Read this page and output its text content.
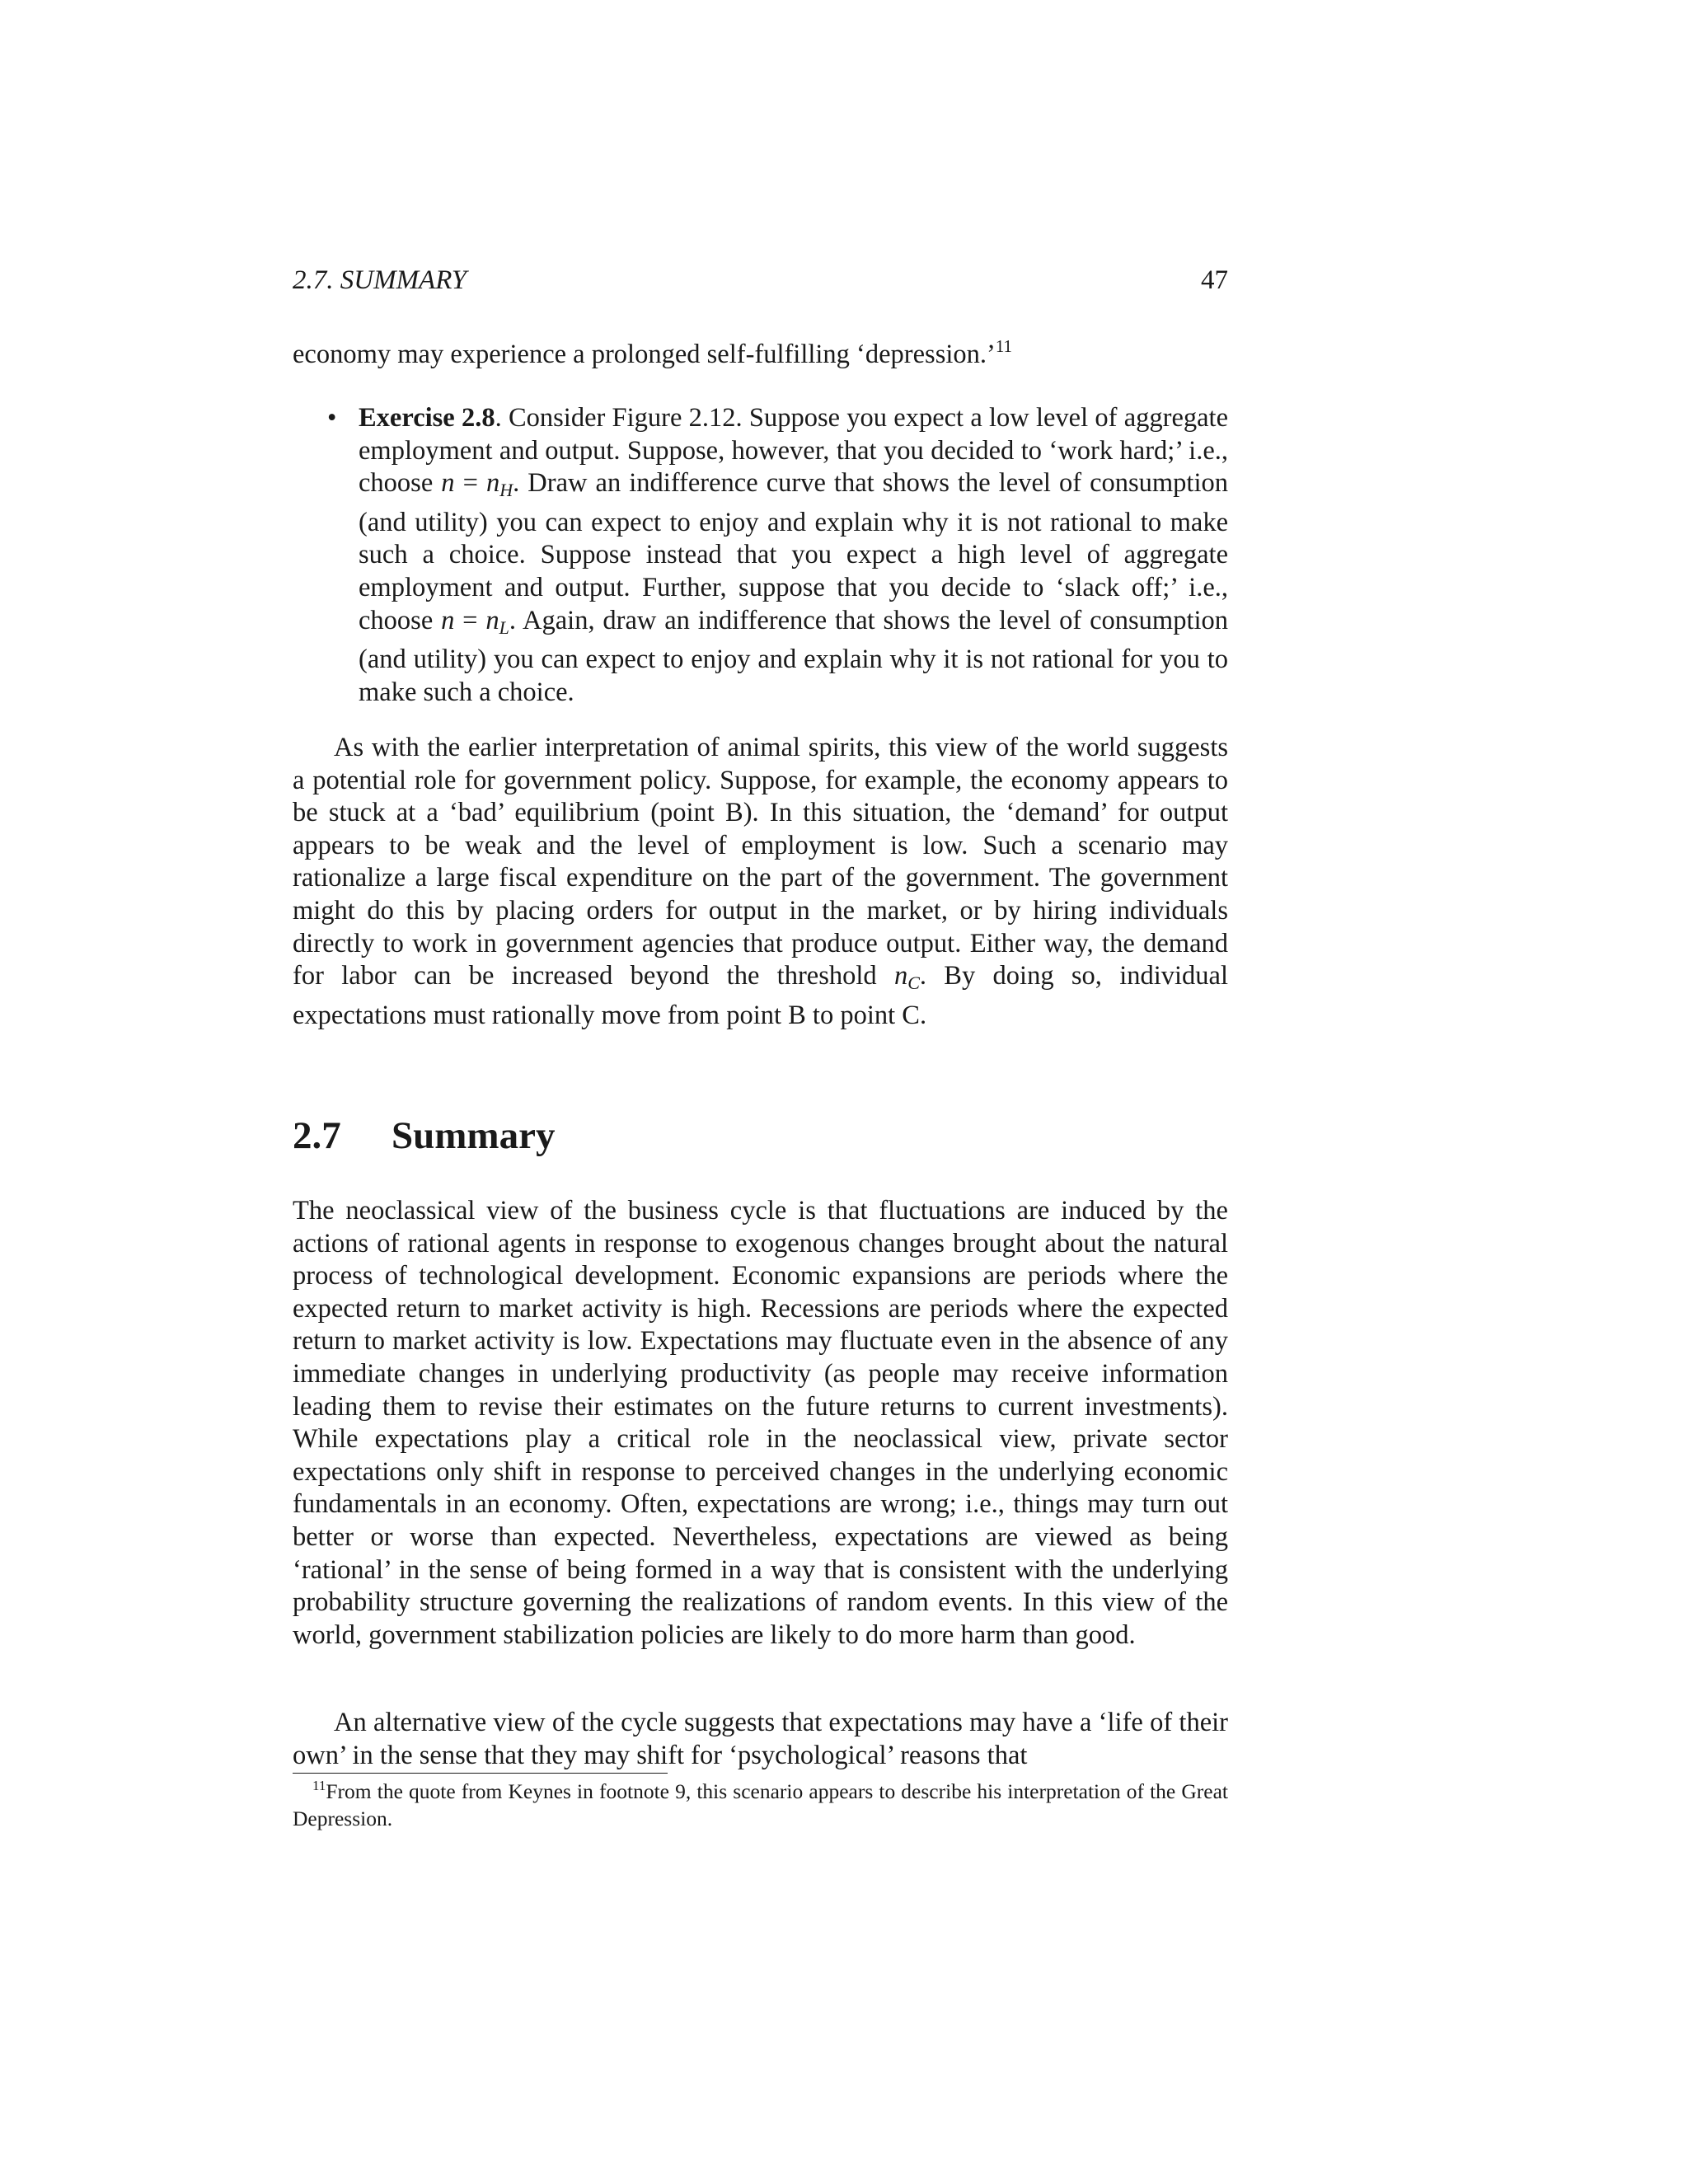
2.7. SUMMARY	47
economy may experience a prolonged self-fulfilling ‘depression.’$^{11}$
• Exercise 2.8. Consider Figure 2.12. Suppose you expect a low level of aggregate employment and output. Suppose, however, that you decided to ‘work hard;’ i.e., choose $n = n_H$. Draw an indifference curve that shows the level of consumption (and utility) you can expect to enjoy and explain why it is not rational to make such a choice. Suppose instead that you expect a high level of aggregate employment and output. Further, suppose that you decide to ‘slack off;’ i.e., choose $n = n_L$. Again, draw an indifference that shows the level of consumption (and utility) you can expect to enjoy and explain why it is not rational for you to make such a choice.
As with the earlier interpretation of animal spirits, this view of the world suggests a potential role for government policy. Suppose, for example, the economy appears to be stuck at a ‘bad’ equilibrium (point B). In this situation, the ‘demand’ for output appears to be weak and the level of employment is low. Such a scenario may rationalize a large fiscal expenditure on the part of the government. The government might do this by placing orders for output in the market, or by hiring individuals directly to work in government agencies that produce output. Either way, the demand for labor can be increased beyond the threshold $n_C$. By doing so, individual expectations must rationally move from point B to point C.
2.7 Summary
The neoclassical view of the business cycle is that fluctuations are induced by the actions of rational agents in response to exogenous changes brought about the natural process of technological development. Economic expansions are periods where the expected return to market activity is high. Recessions are periods where the expected return to market activity is low. Expectations may fluctuate even in the absence of any immediate changes in underlying productivity (as people may receive information leading them to revise their estimates on the future returns to current investments). While expectations play a critical role in the neoclassical view, private sector expectations only shift in response to perceived changes in the underlying economic fundamentals in an economy. Often, expectations are wrong; i.e., things may turn out better or worse than expected. Nevertheless, expectations are viewed as being ‘rational’ in the sense of being formed in a way that is consistent with the underlying probability structure governing the realizations of random events. In this view of the world, government stabilization policies are likely to do more harm than good.
An alternative view of the cycle suggests that expectations may have a ‘life of their own’ in the sense that they may shift for ‘psychological’ reasons that
$^{11}$From the quote from Keynes in footnote 9, this scenario appears to describe his interpretation of the Great Depression.
